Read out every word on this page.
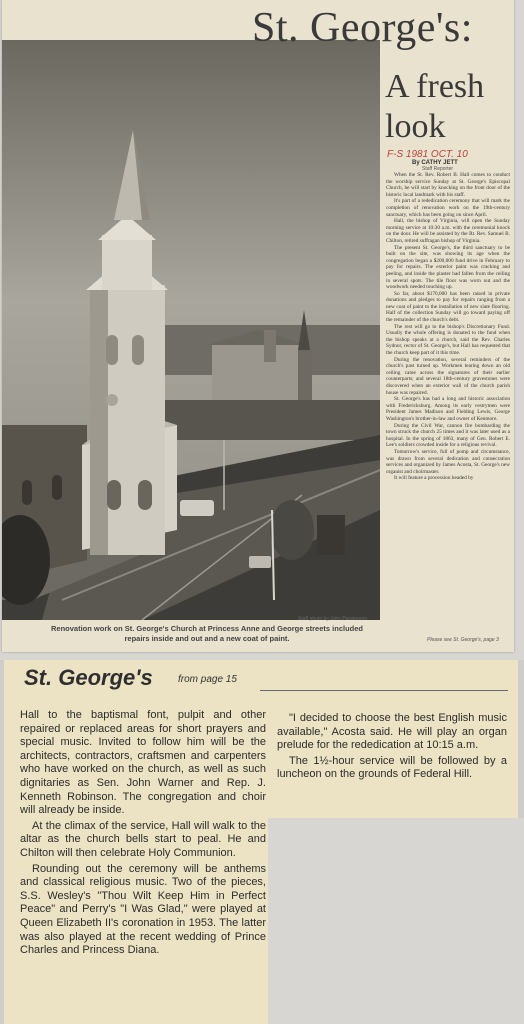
St. George's:
A fresh
look
F-S 1981 OCT. 10
By CATHY JETT
Staff Reporter

When the St. Rev. Robert B. Hall comes to conduct the worship service Sunday at St. George's Episcopal Church, he will start by knocking on the front door of the historic local landmark with his staff.

It's part of a rededication ceremony that will mark the completion of renovation work on the 19th-century sanctuary, which has been going on since April.

Hall, the bishop of Virginia, will open the Sunday morning service at 10:30 a.m. with the ceremonial knock on the door. He will be assisted by the Rt. Rev. Samuel B. Chilton, retired suffragan bishop of Virginia.

The present St. George's, the third sanctuary to be built on the site, was showing its age when the congregation began a $200,000 fund drive in February to pay for repairs. The exterior paint was cracking and peeling, and inside the plaster had fallen from the ceiling in several spots. The tile floor was worn out and the woodwork needed touching up.

So far, about $170,000 has been raised in private donations and pledges to pay for repairs ranging from a new coat of paint to the installation of new slate flooring. Half of the collection Sunday will go toward paying off the remainder of the church's debt.

The rest will go to the bishop's Discretionary Fund. Usually the whole offering is donated to the fund when the bishop speaks at a church, said the Rev. Charles Sydnor, rector of St. George's, but Hall has requested that the church keep part of it this time.

During the renovation, several reminders of the church's past turned up. Workmen tearing down an old ceiling came across the signatures of their earlier counterparts; and several 18th-century gravestones were discovered when an exterior wall of the church parish house was repaired.

St. George's has had a long and historic association with Fredericksburg. Among its early vestrymen were President James Madison and Fielding Lewis, George Washington's brother-in-law and owner of Kenmore.

During the Civil War, cannon fire bombarding the town struck the church 25 times and it was later used as a hospital. In the spring of 1863, many of Gen. Robert E. Lee's soldiers crowded inside for a religious revival.

Tomorrow's service, full of pomp and circumstance, was drawn from several dedication and consecration services and organized by James Acosta, St. George's new organist and choirmaster.

It will feature a procession headed by

Staff photo by John Paratoreno
Renovation work on St. George's Church at Princess Anne and George streets included repairs inside and out and a new coat of paint.	Please see St. George's, page 3
St. George's	from page 15

Hall to the baptismal font, pulpit and other repaired or replaced areas for short prayers and special music. Invited to follow him will be the architects, contractors, craftsmen and carpenters who have worked on the church, as well as such dignitaries as Sen. John Warner and Rep. J. Kenneth Robinson. The congregation and choir will already be inside.

At the climax of the service, Hall will walk to the altar as the church bells start to peal. He and Chilton will then celebrate Holy Communion.

Rounding out the ceremony will be anthems and classical religious music. Two of the pieces, S.S. Wesley's "Thou Wilt Keep Him in Perfect Peace" and Perry's "I Was Glad," were played at Queen Elizabeth II's coronation in 1953. The latter was also played at the recent wedding of Prince Charles and Princess Diana.

"I decided to choose the best English music available," Acosta said. He will play an organ prelude for the rededication at 10:15 a.m.

The 1½-hour service will be followed by a luncheon on the grounds of Federal Hill.
